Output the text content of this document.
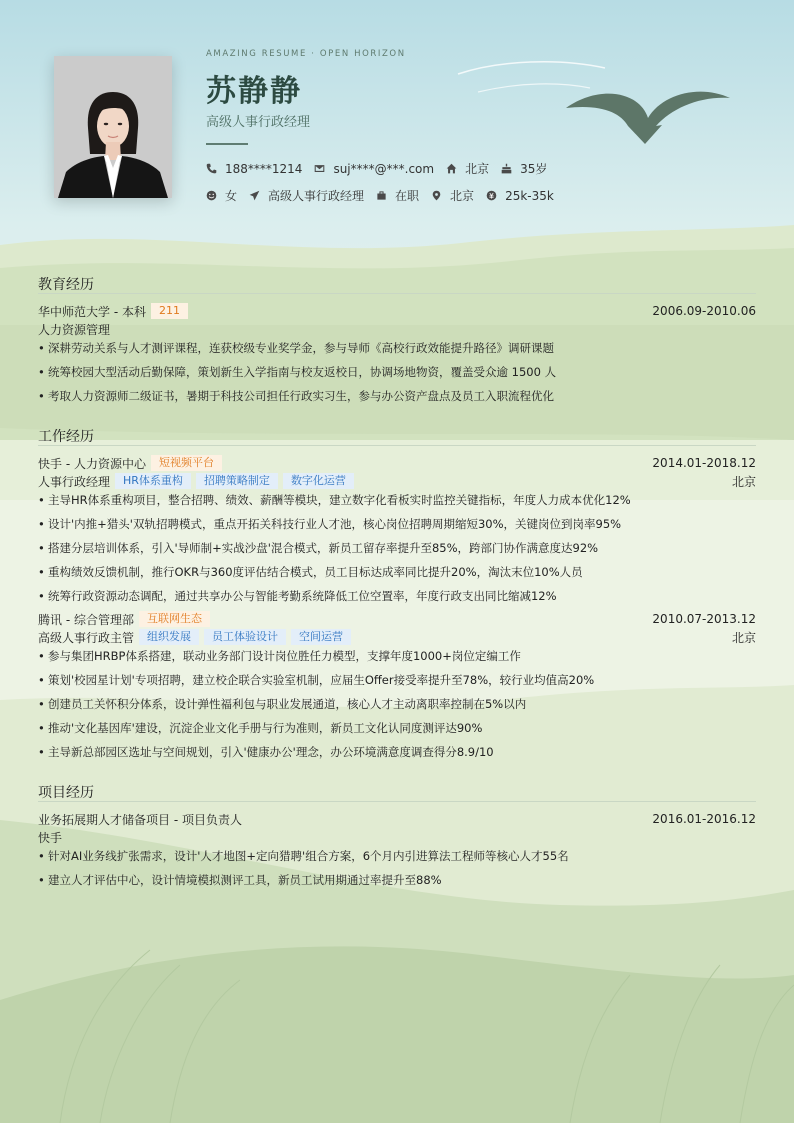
AMAZING RESUME · OPEN HORIZON
苏静静
高级人事行政经理
188****1214	suj****@***.com	北京	35岁
女	高级人事行政经理	在职	北京	25k-35k
教育经历
华中师范大学 - 本科	211	2006.09-2010.06
人力资源管理
• 深耕劳动关系与人才测评课程，连获校级专业奖学金，参与导师《高校行政效能提升路径》调研课题
• 统筹校园大型活动后勤保障，策划新生入学指南与校友返校日，协调场地物资，覆盖受众逾 1500 人
• 考取人力资源师二级证书，暑期于科技公司担任行政实习生，参与办公资产盘点及员工入职流程优化
工作经历
快手 - 人力资源中心	短视频平台	2014.01-2018.12
人事行政经理	HR体系重构	招聘策略制定	数字化运营	北京
• 主导HR体系重构项目，整合招聘、绩效、薪酬等模块，建立数字化看板实时监控关键指标，年度人力成本优化12%
• 设计'内推+猎头'双轨招聘模式，重点开拓关科技行业人才池，核心岗位招聘周期缩短30%，关键岗位到岗率95%
• 搭建分层培训体系，引入'导师制+实战沙盘'混合模式，新员工留存率提升至85%，跨部门协作满意度达92%
• 重构绩效反馈机制，推行OKR与360度评估结合模式，员工目标达成率同比提升20%，淘汰末位10%人员
• 统筹行政资源动态调配，通过共享办公与智能考勤系统降低工位空置率，年度行政支出同比缩减12%
腾讯 - 综合管理部	互联网生态	2010.07-2013.12
高级人事行政主管	组织发展	员工体验设计	空间运营	北京
• 参与集团HRBP体系搭建，联动业务部门设计岗位胜任力模型，支撑年度1000+岗位定编工作
• 策划'校园星计划'专项招聘，建立校企联合实验室机制，应届生Offer接受率提升至78%，较行业均值高20%
• 创建员工关怀积分体系，设计弹性福利包与职业发展通道，核心人才主动离职率控制在5%以内
• 推动'文化基因库'建设，沉淀企业文化手册与行为准则，新员工文化认同度测评达90%
• 主导新总部园区选址与空间规划，引入'健康办公'理念，办公环境满意度调查得分8.9/10
项目经历
业务拓展期人才储备项目 - 项目负责人	2016.01-2016.12
快手
• 针对AI业务线扩张需求，设计'人才地图+定向猎聘'组合方案，6个月内引进算法工程师等核心人才55名
• 建立人才评估中心，设计情境模拟测评工具，新员工试用期通过率提升至88%
